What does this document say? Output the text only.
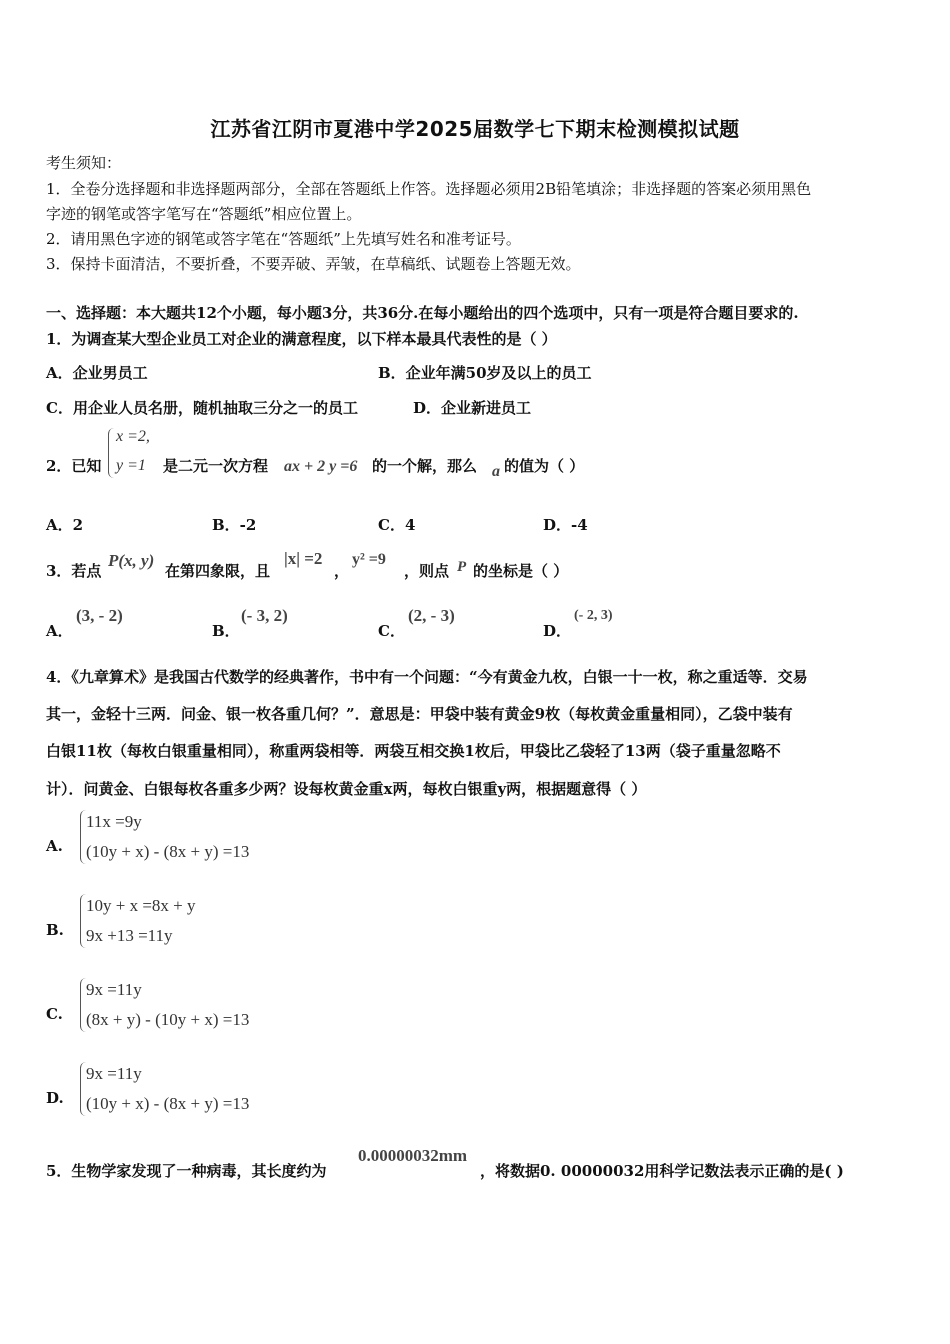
江苏省江阴市夏港中学2025届数学七下期末检测模拟试题
考生须知：
1．全卷分选择题和非选择题两部分，全部在答题纸上作答。选择题必须用2B铅笔填涂；非选择题的答案必须用黑色
字迹的钢笔或答字笔写在“答题纸”相应位置上。
2．请用黑色字迹的钢笔或答字笔在“答题纸”上先填写姓名和准考证号。
3．保持卡面清洁，不要折叠，不要弄破、弄皱，在草稿纸、试题卷上答题无效。
一、选择题：本大题共12个小题，每小题3分，共36分.在每小题给出的四个选项中，只有一项是符合题目要求的.
1．为调查某大型企业员工对企业的满意程度，以下样本最具代表性的是（ ）
A．企业男员工	B．企业年满50岁及以上的员工
C．用企业人员名册，随机抽取三分之一的员工	D．企业新进员工
2．已知
x =2,
y =1 是二元一次方程 ax + 2 y =6 的一个解，那么 a 的值为（ ）
A．2	B．-2	C．4	D．-4
3．若点
P(x, y)
在第四象限，且
|x| =2
，
y² =9
，则点 P 的坐标是（ ）
A．
(3, - 2)
B．
(- 3, 2)
C．
(2, - 3)
D．
(- 2, 3)
4．《九章算术》是我国古代数学的经典著作，书中有一个问题：“今有黄金九枚，白银一十一枚，称之重适等．交易
其一，金轻十三两．问金、银一枚各重几何？”．意思是：甲袋中装有黄金9枚（每枚黄金重量相同），乙袋中装有
白银11枚（每枚白银重量相同），称重两袋相等．两袋互相交换1枚后，甲袋比乙袋轻了13两（袋子重量忽略不
计）．问黄金、白银每枚各重多少两？设每枚黄金重x两，每枚白银重y两，根据题意得（ ）
A.
11x =9y
(10y + x) - (8x + y) =13
B.
10y + x =8x + y
9x +13 =11y
C.
9x =11y
(8x + y) - (10y + x) =13
D.
9x =11y
(10y + x) - (8x + y) =13
5．生物学家发现了一种病毒，其长度约为
0.00000032mm
，将数据0. 00000032用科学记数法表示正确的是( )
